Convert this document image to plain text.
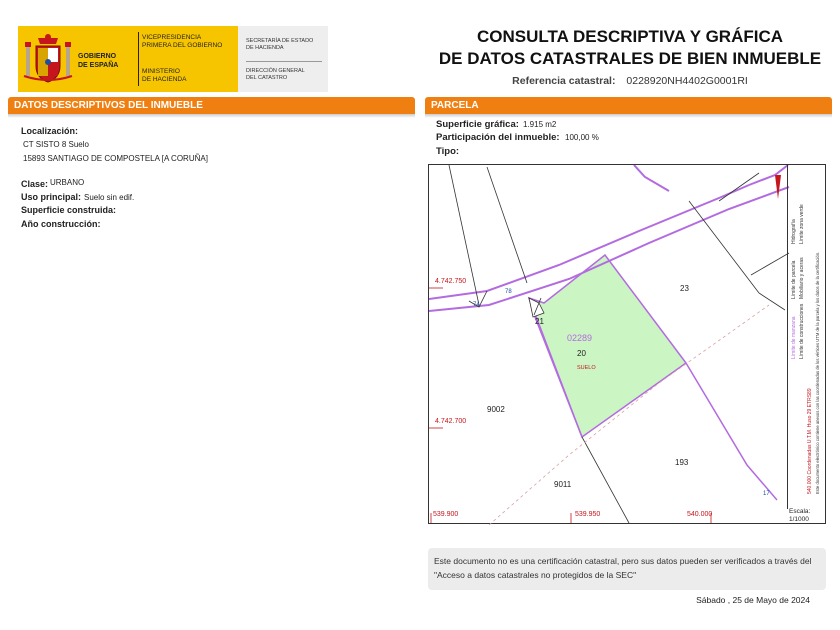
GOBIERNO
DE ESPAÑA
VICEPRESIDENCIA
PRIMERA DEL GOBIERNO
MINISTERIO
DE HACIENDA
SECRETARÍA DE ESTADO
DE HACIENDA
DIRECCIÓN GENERAL
DEL CATASTRO
CONSULTA DESCRIPTIVA Y GRÁFICA
DE DATOS CATASTRALES DE BIEN INMUEBLE
Referencia catastral: 0228920NH4402G0001RI
DATOS DESCRIPTIVOS DEL INMUEBLE	PARCELA
Localización:
CT SISTO 8 Suelo
15893 SANTIAGO DE COMPOSTELA [A CORUÑA]
Clase: URBANO
Uso principal: Suelo sin edif.
Superficie construida:
Año construcción:
Superficie gráfica: 1.915 m2
Participación del inmueble: 100,00 %
Tipo:
4.742.750
4.742.700
539.900	539.950	540.000
02289
20
SUELO
21
23
9002
9011
193
74
78
17
Límite de manzana
Límite de parcela
Límite de construcciones
Mobiliario y aceras
Límite zona verde
Hidrografía
540.000 Coordenadas U.T.M. Huso 29 ETRS89 Este documento electrónico contiene anexos con las coordenadas de los vértices UTM de la parcela y los datos de la certificación.
Escala:
1/1000
Este documento no es una certificación catastral, pero sus datos pueden ser verificados a través del "Acceso a datos catastrales no protegidos de la SEC"
Sábado , 25 de Mayo de 2024
